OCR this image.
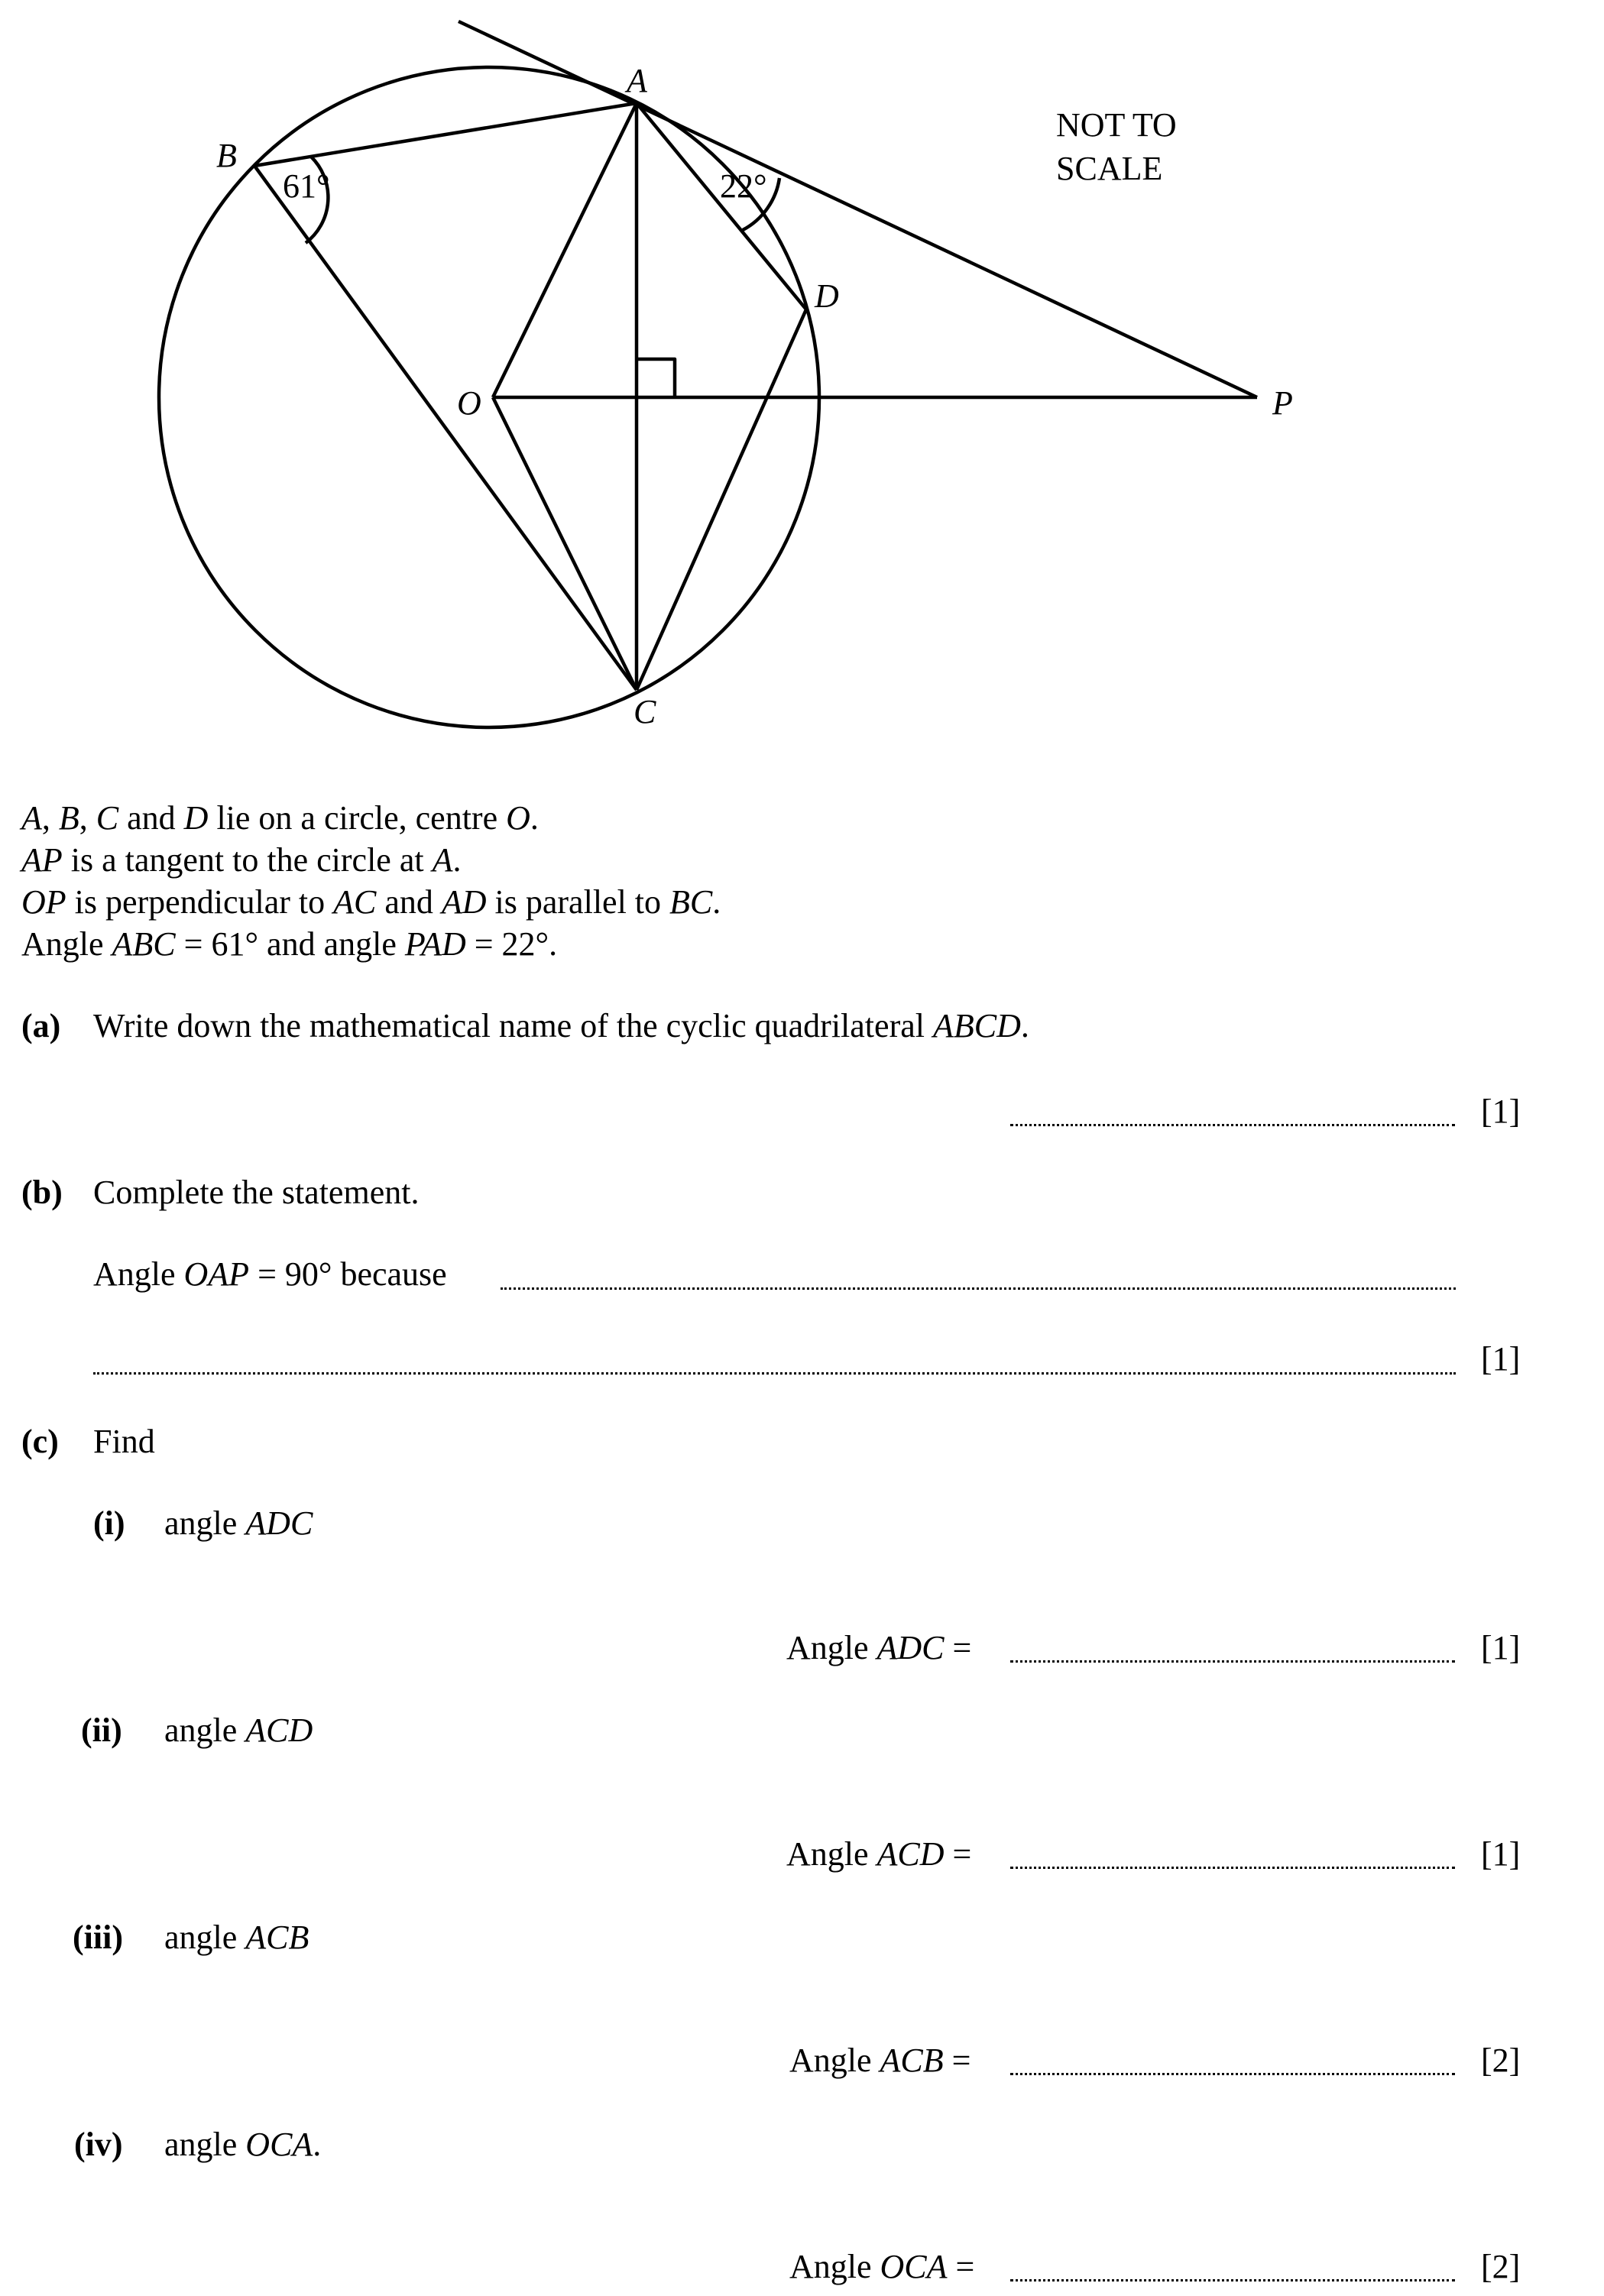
A
B
C
D
O	P
61°	22°
NOT TO
SCALE
A, B, C and D lie on a circle, centre O.
AP is a tangent to the circle at A.
OP is perpendicular to AC and AD is parallel to BC.
Angle ABC = 61° and angle PAD = 22°.
(a) Write down the mathematical name of the cyclic quadrilateral ABCD.
[1]
(b) Complete the statement.
Angle OAP = 90° because
[1]
(c) Find
(i) angle ADC
Angle ADC =	[1]
(ii) angle ACD
Angle ACD =	[1]
(iii) angle ACB
Angle ACB =	[2]
(iv) angle OCA.
Angle OCA =	[2]
